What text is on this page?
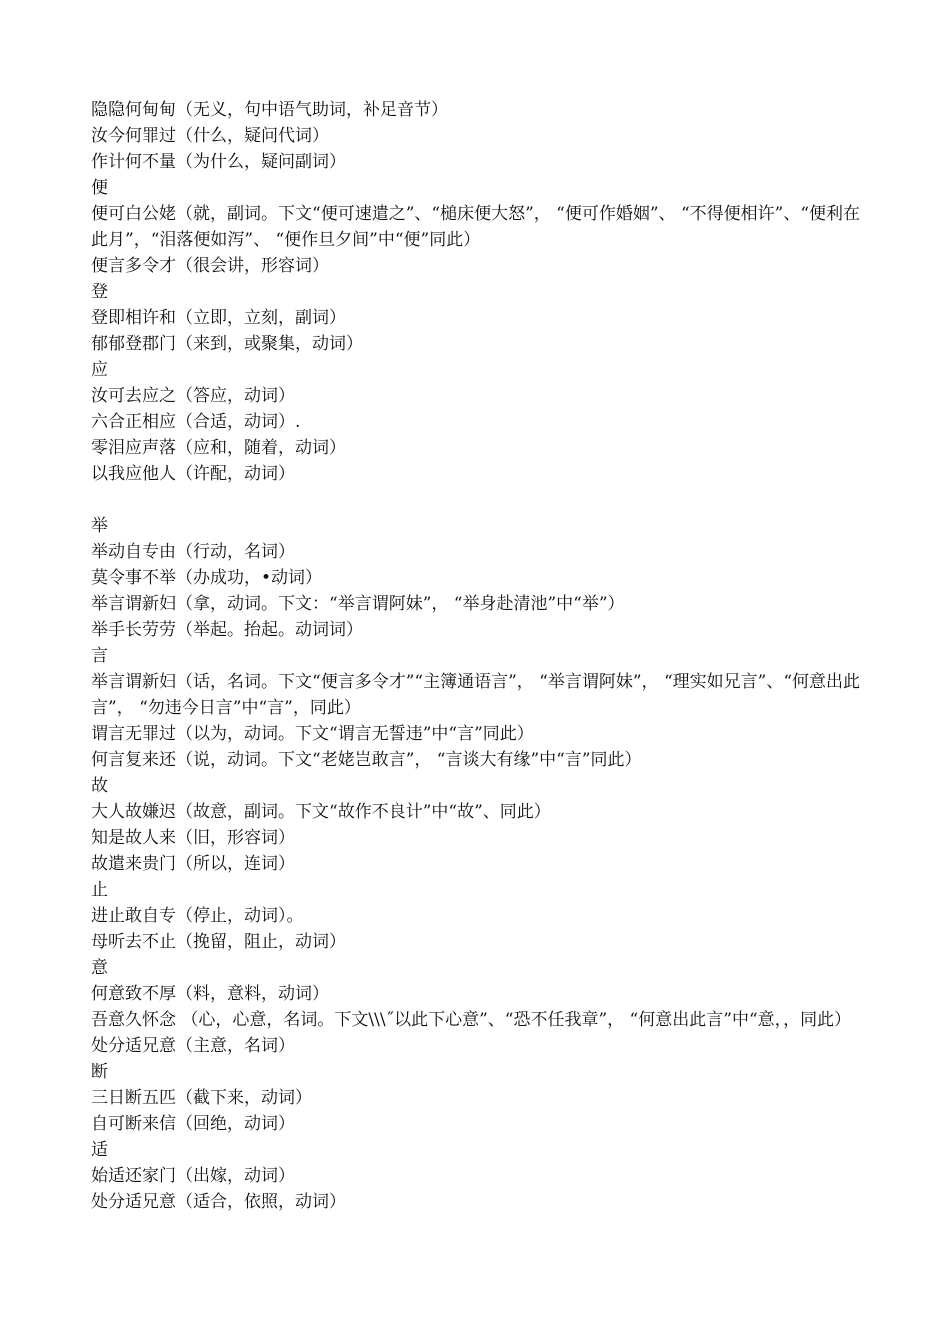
隐隐何甸甸（无义，句中语气助词，补足音节）

汝今何罪过（什么，疑问代词）

作计何不量（为什么，疑问副词）

便

便可白公姥（就，副词。下文“便可速遣之”、“槌床便大怒”， “便可作婚姻”、 “不得便相许”、“便利在此月”，“泪落便如泻”、 “便作旦夕间”中“便”同此）

便言多令才（很会讲，形容词）

登

登即相许和（立即，立刻，副词）

郁郁登郡门（来到，或聚集，动词）

应

汝可去应之（答应，动词）

六合正相应（合适，动词）.

零泪应声落（应和，随着，动词）

以我应他人（许配，动词）

举

举动自专由（行动，名词）

莫令事不举（办成功，•动词）

举言谓新妇（拿，动词。下文：“举言谓阿妹”， “举身赴清池”中“举”）

举手长劳劳（举起。抬起。动词词）

言

举言谓新妇（话，名词。下文“便言多令才”“主簿通语言”， “举言谓阿妹”， “理实如兄言”、“何意出此言”， “勿违今日言”中“言”，同此）

谓言无罪过（以为，动词。下文“谓言无誓违”中“言”同此）

何言复来还（说，动词。下文“老姥岂敢言”， “言谈大有缘”中“言”同此）

故

大人故嫌迟（故意，副词。下文“故作不良计”中“故”、同此）

知是故人来（旧，形容词）

故遣来贵门（所以，连词）

止

进止敢自专（停止，动词）。

母听去不止（挽留，阻止，动词）

意

何意致不厚（料，意料，动词）

吾意久怀念 （心，心意，名词。下文\\\˝以此下心意”、“恐不任我章”， “何意出此言”中“意，，同此）

处分适兄意（主意，名词）

断

三日断五匹（截下来，动词）

自可断来信（回绝，动词）

适

始适还家门（出嫁，动词）

处分适兄意（适合，依照，动词）
